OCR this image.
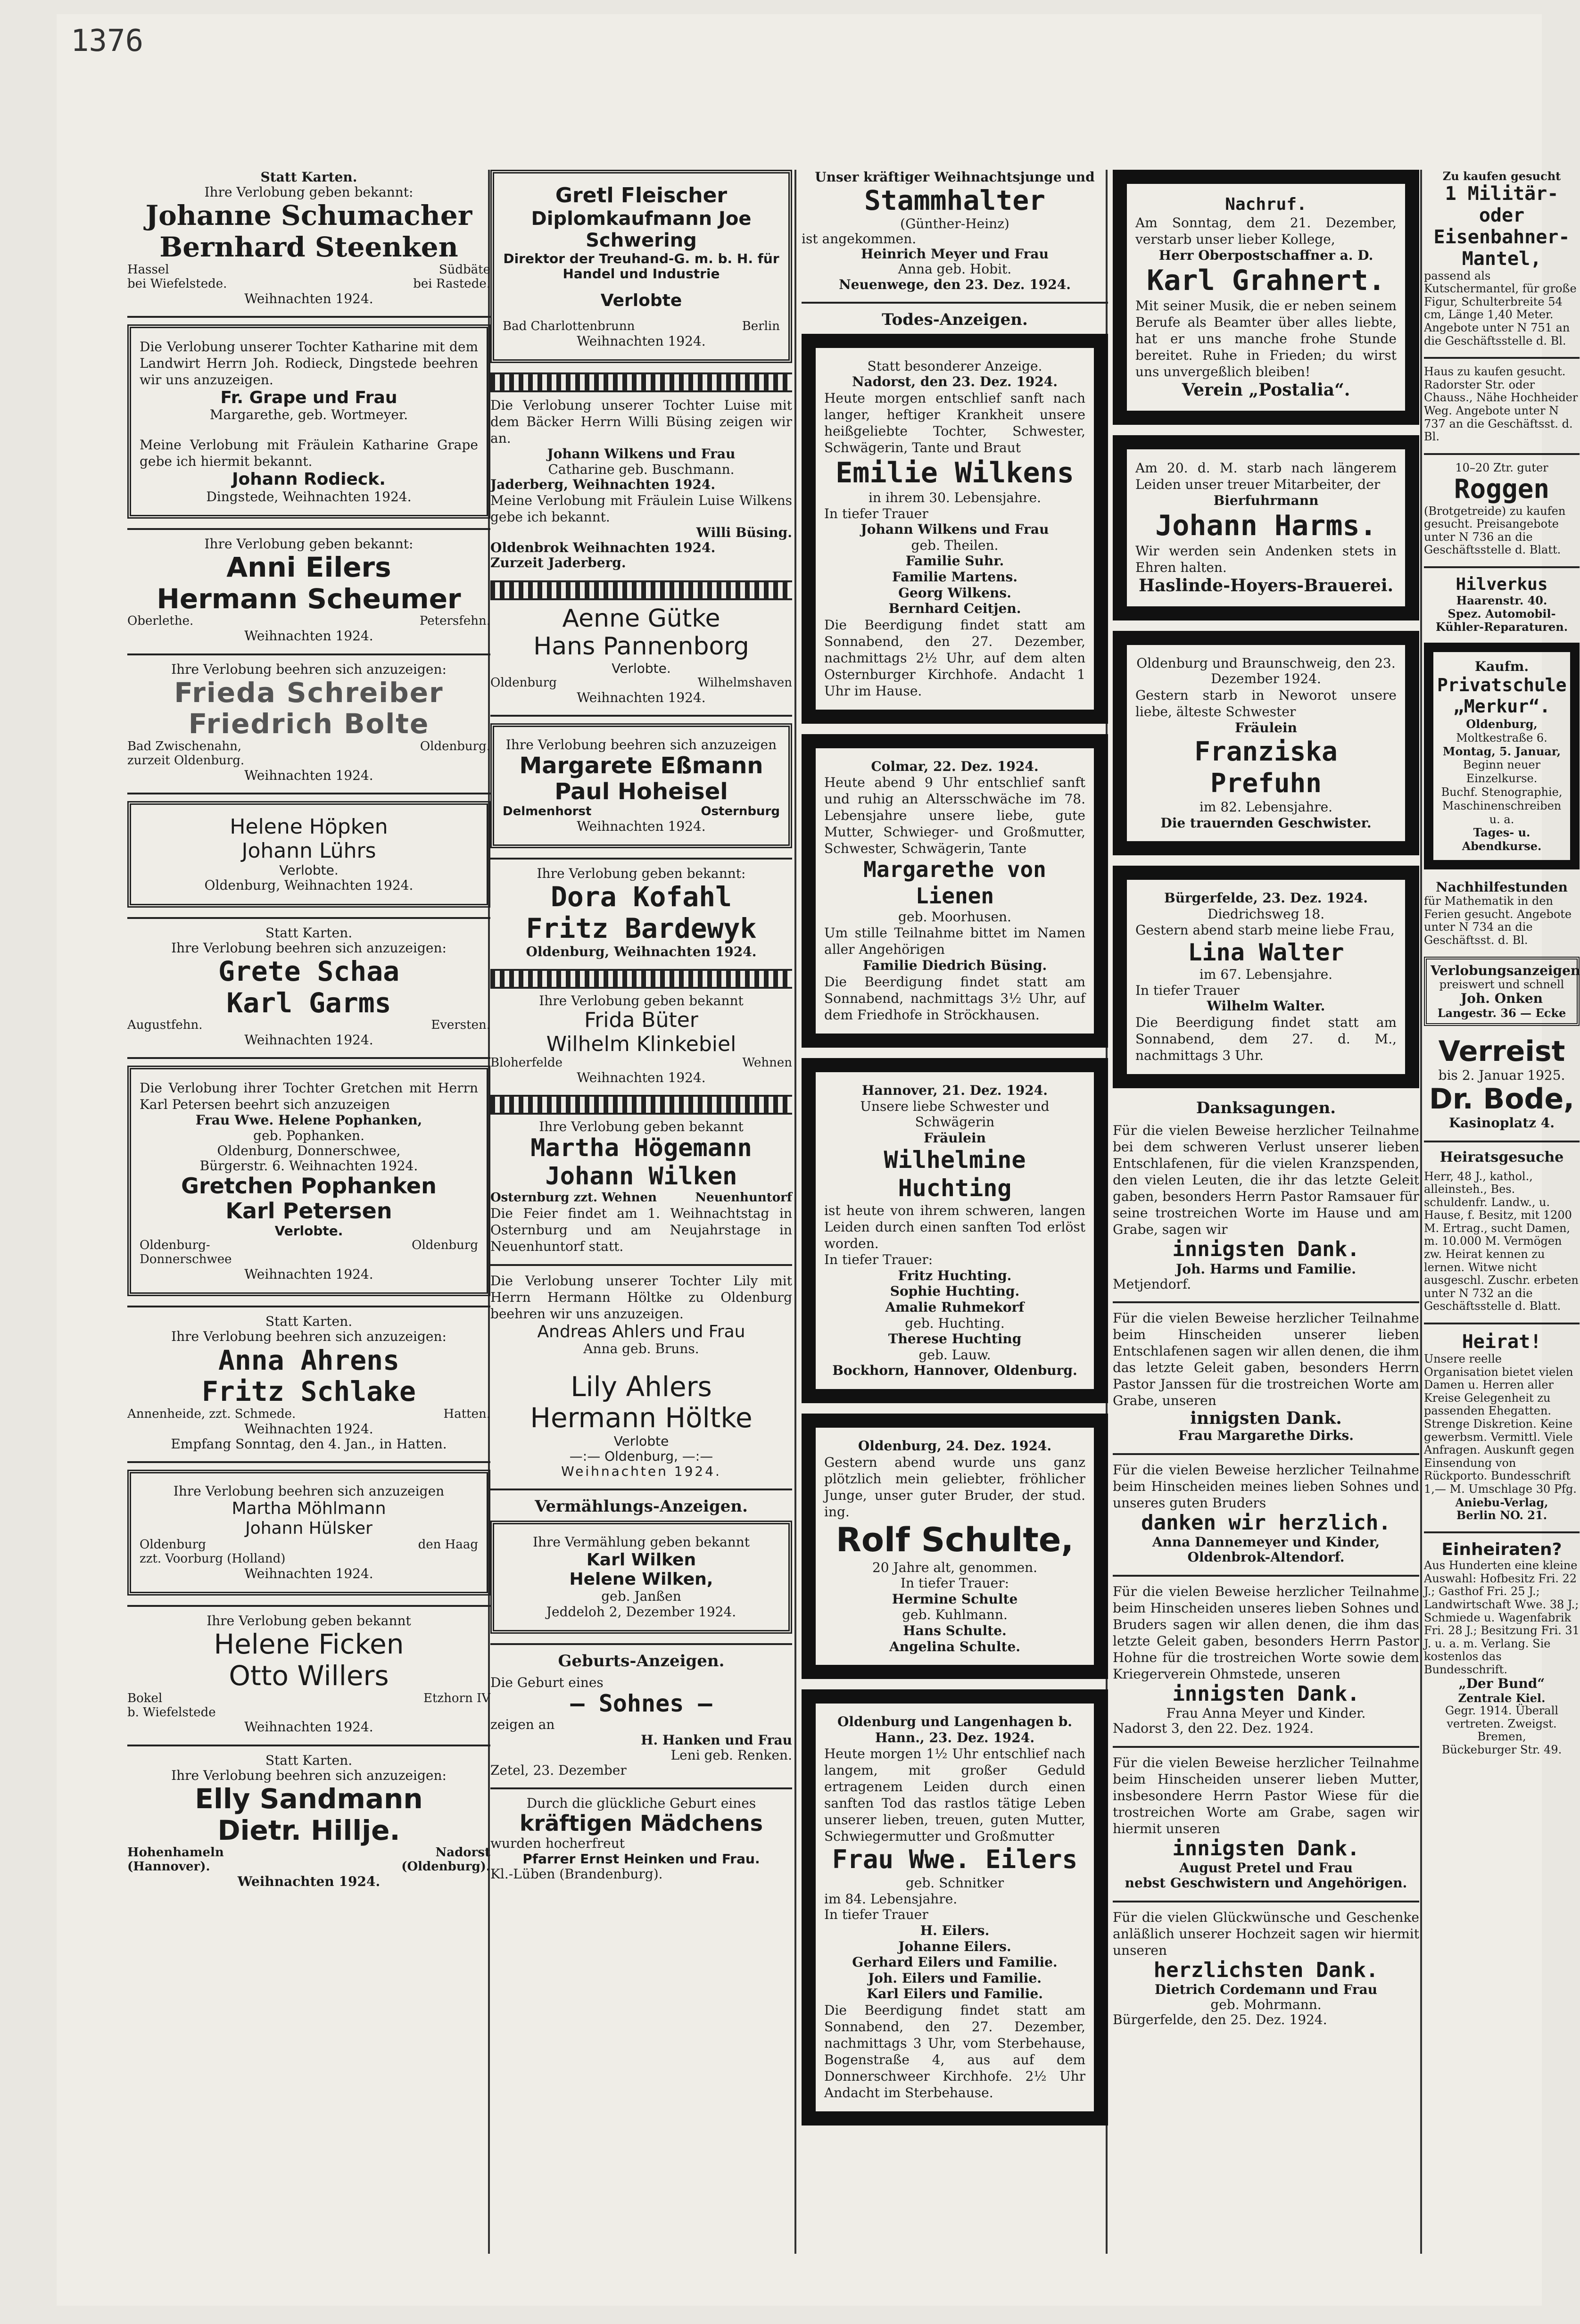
1376
Statt Karten.
Ihre Verlobung geben bekannt:
Johanne Schumacher
Bernhard Steenken
Hassel	Südbäte
bei Wiefelstede.	bei Rastede.
Weihnachten 1924.
Die Verlobung unserer Tochter Katharine mit dem Landwirt Herrn Joh. Rodieck, Dingstede beehren wir uns anzuzeigen.
Fr. Grape und Frau
Margarethe, geb. Wortmeyer.
Meine Verlobung mit Fräulein Katharine Grape gebe ich hiermit bekannt.
Johann Rodieck.
Dingstede, Weihnachten 1924.
Ihre Verlobung geben bekannt:
Anni Eilers
Hermann Scheumer
Oberlethe.	Petersfehn.
Weihnachten 1924.
Ihre Verlobung beehren sich anzuzeigen:
Frieda Schreiber
Friedrich Bolte
Bad Zwischenahn,	Oldenburg.
zurzeit Oldenburg.
Weihnachten 1924.
Helene Höpken
Johann Lührs
Verlobte.
Oldenburg, Weihnachten 1924.
Statt Karten.
Ihre Verlobung beehren sich anzuzeigen:
Grete Schaa
Karl Garms
Augustfehn.	Eversten.
Weihnachten 1924.
Die Verlobung ihrer Tochter Gretchen mit Herrn Karl Petersen beehrt sich anzuzeigen
Frau Wwe. Helene Pophanken,
geb. Pophanken.
Oldenburg, Donnerschwee,
Bürgerstr. 6. Weihnachten 1924.
Gretchen Pophanken
Karl Petersen
Verlobte.
Oldenburg-	Oldenburg
Donnerschwee
Weihnachten 1924.
Statt Karten.
Ihre Verlobung beehren sich anzuzeigen:
Anna Ahrens
Fritz Schlake
Annenheide, zzt. Schmede.	Hatten.
Weihnachten 1924.
Empfang Sonntag, den 4. Jan., in Hatten.
Ihre Verlobung beehren sich anzuzeigen
Martha Möhlmann
Johann Hülsker
Oldenburg	den Haag
zzt. Voorburg (Holland)
Weihnachten 1924.
Ihre Verlobung geben bekannt
Helene Ficken
Otto Willers
Bokel	Etzhorn IV
b. Wiefelstede
Weihnachten 1924.
Statt Karten.
Ihre Verlobung beehren sich anzuzeigen:
Elly Sandmann
Dietr. Hillje.
Hohenhameln	Nadorst
(Hannover).	(Oldenburg).
Weihnachten 1924.
Gretl Fleischer
Diplomkaufmann Joe Schwering
Direktor der Treuhand-G. m. b. H. für Handel und Industrie
Verlobte
Bad Charlottenbrunn	Berlin
Weihnachten 1924.
Die Verlobung unserer Tochter Luise mit dem Bäcker Herrn Willi Büsing zeigen wir an.
Johann Wilkens und Frau
Catharine geb. Buschmann.
Jaderberg, Weihnachten 1924.
Meine Verlobung mit Fräulein Luise Wilkens gebe ich bekannt.
Willi Büsing.
Oldenbrok Weihnachten 1924.
Zurzeit Jaderberg.
Aenne Gütke
Hans Pannenborg
Verlobte.
Oldenburg	Wilhelmshaven
Weihnachten 1924.
Ihre Verlobung beehren sich anzuzeigen
Margarete Eßmann
Paul Hoheisel
Delmenhorst	Osternburg
Weihnachten 1924.
Ihre Verlobung geben bekannt:
Dora Kofahl
Fritz Bardewyk
Oldenburg, Weihnachten 1924.
Ihre Verlobung geben bekannt
Frida Büter
Wilhelm Klinkebiel
Bloherfelde	Wehnen
Weihnachten 1924.
Ihre Verlobung geben bekannt
Martha Högemann
Johann Wilken
Osternburg zzt. Wehnen	Neuenhuntorf
Die Feier findet am 1. Weihnachtstag in Osternburg und am Neujahrstage in Neuenhuntorf statt.
Die Verlobung unserer Tochter Lily mit Herrn Hermann Höltke zu Oldenburg beehren wir uns anzuzeigen.
Andreas Ahlers und Frau
Anna geb. Bruns.
Lily Ahlers
Hermann Höltke
Verlobte
—:— Oldenburg, —:—
Weihnachten 1924.
Vermählungs-Anzeigen.
Ihre Vermählung geben bekannt
Karl Wilken
Helene Wilken,
geb. Janßen
Jeddeloh 2, Dezember 1924.
Geburts-Anzeigen.
Die Geburt eines
— Sohnes —
zeigen an
H. Hanken und Frau
Leni geb. Renken.
Zetel, 23. Dezember
Durch die glückliche Geburt eines
kräftigen Mädchens
wurden hocherfreut
Pfarrer Ernst Heinken und Frau.
Kl.-Lüben (Brandenburg).
Unser kräftiger Weihnachtsjunge und
Stammhalter
(Günther-Heinz)
ist angekommen.
Heinrich Meyer und Frau
Anna geb. Hobit.
Neuenwege, den 23. Dez. 1924.
Todes-Anzeigen.
Statt besonderer Anzeige.
Nadorst, den 23. Dez. 1924.
Heute morgen entschlief sanft nach langer, heftiger Krankheit unsere heißgeliebte Tochter, Schwester, Schwägerin, Tante und Braut
Emilie Wilkens
in ihrem 30. Lebensjahre.
In tiefer Trauer
Johann Wilkens und Frau
geb. Theilen.
Familie Suhr.
Familie Martens.
Georg Wilkens.
Bernhard Ceitjen.
Die Beerdigung findet statt am Sonnabend, den 27. Dezember, nachmittags 2½ Uhr, auf dem alten Osternburger Kirchhofe. Andacht 1 Uhr im Hause.
Colmar, 22. Dez. 1924.
Heute abend 9 Uhr entschlief sanft und ruhig an Altersschwäche im 78. Lebensjahre unsere liebe, gute Mutter, Schwieger- und Großmutter, Schwester, Schwägerin, Tante
Margarethe von Lienen
geb. Moorhusen.
Um stille Teilnahme bittet im Namen aller Angehörigen
Familie Diedrich Büsing.
Die Beerdigung findet statt am Sonnabend, nachmittags 3½ Uhr, auf dem Friedhofe in Ströckhausen.
Hannover, 21. Dez. 1924.
Unsere liebe Schwester und Schwägerin
Fräulein
Wilhelmine Huchting
ist heute von ihrem schweren, langen Leiden durch einen sanften Tod erlöst worden.
In tiefer Trauer:
Fritz Huchting.
Sophie Huchting.
Amalie Ruhmekorf
geb. Huchting.
Therese Huchting
geb. Lauw.
Bockhorn, Hannover, Oldenburg.
Oldenburg, 24. Dez. 1924.
Gestern abend wurde uns ganz plötzlich mein geliebter, fröhlicher Junge, unser guter Bruder, der stud. ing.
Rolf Schulte,
20 Jahre alt, genommen.
In tiefer Trauer:
Hermine Schulte
geb. Kuhlmann.
Hans Schulte.
Angelina Schulte.
Oldenburg und Langenhagen b. Hann., 23. Dez. 1924.
Heute morgen 1½ Uhr entschlief nach langem, mit großer Geduld ertragenem Leiden durch einen sanften Tod das rastlos tätige Leben unserer lieben, treuen, guten Mutter, Schwiegermutter und Großmutter
Frau Wwe. Eilers
geb. Schnitker
im 84. Lebensjahre.
In tiefer Trauer
H. Eilers.
Johanne Eilers.
Gerhard Eilers und Familie.
Joh. Eilers und Familie.
Karl Eilers und Familie.
Die Beerdigung findet statt am Sonnabend, den 27. Dezember, nachmittags 3 Uhr, vom Sterbehause, Bogenstraße 4, aus auf dem Donnerschweer Kirchhofe. 2½ Uhr Andacht im Sterbehause.
Nachruf.
Am Sonntag, dem 21. Dezember, verstarb unser lieber Kollege,
Herr Oberpostschaffner a. D.
Karl Grahnert.
Mit seiner Musik, die er neben seinem Berufe als Beamter über alles liebte, hat er uns manche frohe Stunde bereitet. Ruhe in Frieden; du wirst uns unvergeßlich bleiben!
Verein „Postalia“.
Am 20. d. M. starb nach längerem Leiden unser treuer Mitarbeiter, der
Bierfuhrmann
Johann Harms.
Wir werden sein Andenken stets in Ehren halten.
Haslinde-Hoyers-Brauerei.
Oldenburg und Braunschweig, den 23. Dezember 1924.
Gestern starb in Neworot unsere liebe, älteste Schwester
Fräulein
Franziska Prefuhn
im 82. Lebensjahre.
Die trauernden Geschwister.
Bürgerfelde, 23. Dez. 1924.
Diedrichsweg 18.
Gestern abend starb meine liebe Frau,
Lina Walter
im 67. Lebensjahre.
In tiefer Trauer
Wilhelm Walter.
Die Beerdigung findet statt am Sonnabend, dem 27. d. M., nachmittags 3 Uhr.
Danksagungen.
Für die vielen Beweise herzlicher Teilnahme bei dem schweren Verlust unserer lieben Entschlafenen, für die vielen Kranzspenden, den vielen Leuten, die ihr das letzte Geleit gaben, besonders Herrn Pastor Ramsauer für seine trostreichen Worte im Hause und am Grabe, sagen wir
innigsten Dank.
Joh. Harms und Familie.
Metjendorf.
Für die vielen Beweise herzlicher Teilnahme beim Hinscheiden unserer lieben Entschlafenen sagen wir allen denen, die ihm das letzte Geleit gaben, besonders Herrn Pastor Janssen für die trostreichen Worte am Grabe, unseren
innigsten Dank.
Frau Margarethe Dirks.
Für die vielen Beweise herzlicher Teilnahme beim Hinscheiden meines lieben Sohnes und unseres guten Bruders
danken wir herzlich.
Anna Dannemeyer und Kinder,
Oldenbrok-Altendorf.
Für die vielen Beweise herzlicher Teilnahme beim Hinscheiden unseres lieben Sohnes und Bruders sagen wir allen denen, die ihm das letzte Geleit gaben, besonders Herrn Pastor Hohne für die trostreichen Worte sowie dem Kriegerverein Ohmstede, unseren
innigsten Dank.
Frau Anna Meyer und Kinder.
Nadorst 3, den 22. Dez. 1924.
Für die vielen Beweise herzlicher Teilnahme beim Hinscheiden unserer lieben Mutter, insbesondere Herrn Pastor Wiese für die trostreichen Worte am Grabe, sagen wir hiermit unseren
innigsten Dank.
August Pretel und Frau
nebst Geschwistern und Angehörigen.
Für die vielen Glückwünsche und Geschenke anläßlich unserer Hochzeit sagen wir hiermit unseren
herzlichsten Dank.
Dietrich Cordemann und Frau
geb. Mohrmann.
Bürgerfelde, den 25. Dez. 1924.
Zu kaufen gesucht
1 Militär- oder Eisenbahner-Mantel,
passend als Kutschermantel, für große Figur, Schulterbreite 54 cm, Länge 1,40 Meter. Angebote unter N 751 an die Geschäftsstelle d. Bl.
Haus zu kaufen gesucht. Radorster Str. oder Chauss., Nähe Hochheider Weg. Angebote unter N 737 an die Geschäftsst. d. Bl.
10–20 Ztr. guter
Roggen
(Brotgetreide) zu kaufen gesucht. Preisangebote unter N 736 an die Geschäftsstelle d. Blatt.
Hilverkus
Haarenstr. 40.
Spez. Automobil-Kühler-Reparaturen.
Kaufm.
Privatschule „Merkur“.
Oldenburg,
Moltkestraße 6.
Montag, 5. Januar,
Beginn neuer Einzelkurse.
Buchf. Stenographie, Maschinenschreiben u. a.
Tages- u. Abendkurse.
Nachhilfestunden
für Mathematik in den Ferien gesucht. Angebote unter N 734 an die Geschäftsst. d. Bl.
Verlobungsanzeigen
preiswert und schnell
Joh. Onken
Langestr. 36 — Ecke
Verreist
bis 2. Januar 1925.
Dr. Bode,
Kasinoplatz 4.
Heiratsgesuche
Herr, 48 J., kathol., alleinsteh., Bes. schuldenfr. Landw., u. Hause, f. Besitz, mit 1200 M. Ertrag., sucht Damen, m. 10.000 M. Vermögen zw. Heirat kennen zu lernen. Witwe nicht ausgeschl. Zuschr. erbeten unter N 732 an die Geschäftsstelle d. Blatt.
Heirat!
Unsere reelle Organisation bietet vielen Damen u. Herren aller Kreise Gelegenheit zu passenden Ehegatten. Strenge Diskretion. Keine gewerbsm. Vermittl. Viele Anfragen. Auskunft gegen Einsendung von Rückporto. Bundesschrift 1,— M. Umschlage 30 Pfg.
Aniebu-Verlag,
Berlin NO. 21.
Einheiraten?
Aus Hunderten eine kleine Auswahl: Hofbesitz Fri. 22 J.; Gasthof Fri. 25 J.; Landwirtschaft Wwe. 38 J.; Schmiede u. Wagenfabrik Fri. 28 J.; Besitzung Fri. 31 J. u. a. m. Verlang. Sie kostenlos das Bundesschrift.
„Der Bund“
Zentrale Kiel.
Gegr. 1914. Überall vertreten. Zweigst. Bremen,
Bückeburger Str. 49.
